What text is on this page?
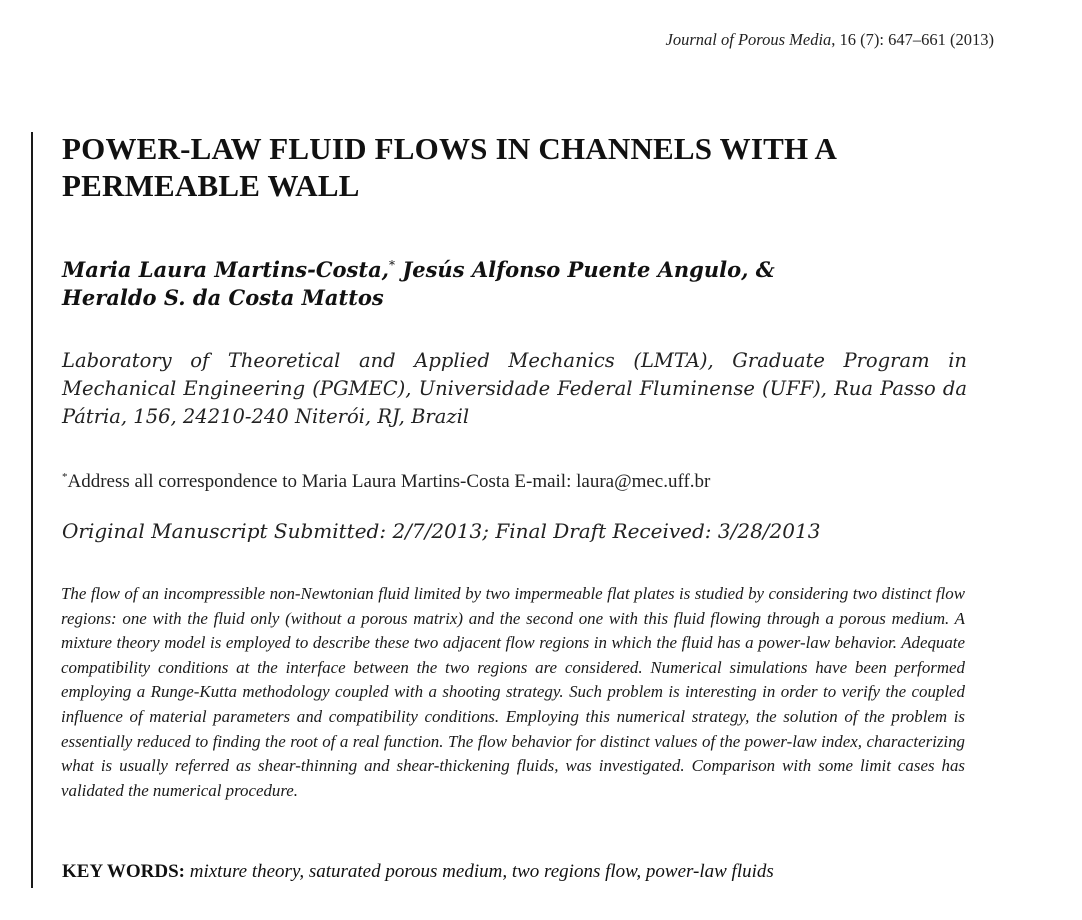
Journal of Porous Media, 16 (7): 647–661 (2013)
POWER-LAW FLUID FLOWS IN CHANNELS WITH A PERMEABLE WALL
Maria Laura Martins-Costa,* Jesús Alfonso Puente Angulo, &
Heraldo S. da Costa Mattos
Laboratory of Theoretical and Applied Mechanics (LMTA), Graduate Program in Mechanical Engineering (PGMEC), Universidade Federal Fluminense (UFF), Rua Passo da Pátria, 156, 24210-240 Niterói, RJ, Brazil
*Address all correspondence to Maria Laura Martins-Costa E-mail: laura@mec.uff.br
Original Manuscript Submitted: 2/7/2013; Final Draft Received: 3/28/2013

The flow of an incompressible non-Newtonian fluid limited by two impermeable flat plates is studied by considering two distinct flow regions: one with the fluid only (without a porous matrix) and the second one with this fluid flowing through a porous medium. A mixture theory model is employed to describe these two adjacent flow regions in which the fluid has a power-law behavior. Adequate compatibility conditions at the interface between the two regions are considered. Numerical simulations have been performed employing a Runge-Kutta methodology coupled with a shooting strategy. Such problem is interesting in order to verify the coupled influence of material parameters and compatibility conditions. Employing this numerical strategy, the solution of the problem is essentially reduced to finding the root of a real function. The flow behavior for distinct values of the power-law index, characterizing what is usually referred as shear-thinning and shear-thickening fluids, was investigated. Comparison with some limit cases has validated the numerical procedure.

KEY WORDS: mixture theory, saturated porous medium, two regions flow, power-law fluids
